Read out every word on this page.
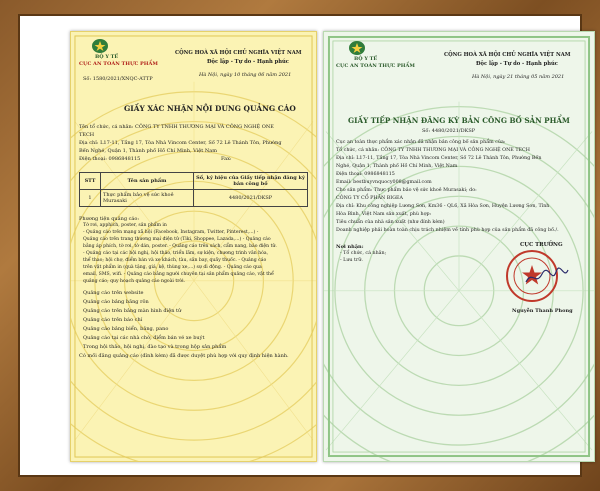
BỘ Y TẾ
CỤC AN TOÀN THỰC PHẨM
Số: 1580/2021/XNQC-ATTP
CỘNG HOÀ XÃ HỘI CHỦ NGHĨA VIỆT NAM
Độc lập - Tự do - Hạnh phúc
Hà Nội, ngày 10 tháng 06 năm 2021
GIẤY XÁC NHẬN NỘI DUNG QUẢNG CÁO
Tên tổ chức, cá nhân: CÔNG TY TNHH THƯƠNG MẠI VÀ CÔNG NGHỆ ONE
TECH
Địa chỉ: L17-11, Tầng 17, Tòa Nhà Vincom Center, Số 72 Lê Thánh Tôn, Phường
Bến Nghé, Quận 1, Thành phố Hồ Chí Minh, Việt Nam
Điện thoại: 0986848115	Fax:
STT	Tên sản phẩm	Số, ký hiệu của Giấy tiếp nhận đăng ký bản công bố
1	Thực phẩm bảo vệ sức khoẻ Murasaki	4480/2021/DKSP
Phương tiện quảng cáo:
Tờ rơi, apphich, poster, sản phẩm in
- Quảng cáo trên mạng xã hội (Facebook, Instagram, Twitter, Pinterest,...) -
Quảng cáo trên trang thương mại điện tử (Tiki, Shoppee, Lazada,...) - Quảng cáo
bằng áp phích, tờ rơi, tờ dán, poster. - Quảng cáo trên sách, cẩm nang, báo điện tử.
- Quảng cáo tại các hội nghị, hội thảo, triển lãm, sự kiện, chương trình văn hóa,
thể thao; hội chợ, điểm bán và xe khách, tàu, sân bay, quầy thuốc. - Quảng cáo
trên vật phẩm in (quà tặng, giá, kệ, thùng xe,...) sự di động. - Quảng cáo qua
email, SMS, wifi. - Quảng cáo bằng người chuyên tại sản phẩm quảng cáo, vật thể
quảng cáo; quy hoạch quảng cáo ngoài trời.
Quảng cáo trên website
Quảng cáo bảng băng rôn
Quảng cáo trên bảng màn hình điện tử
Quảng cáo trên báo chí
Quảng cáo bảng biển, bảng, pano
Quảng cáo tại các nhà chờ, điểm bán vé xe buýt
Trong hội thảo, hội nghị, đào tạo và trong hộp sản phẩm
Có mối đăng quảng cáo (đính kèm) đã được duyệt phù hợp với quy định hiện hành.
BỘ Y TẾ
CỤC AN TOÀN THỰC PHẨM
CỘNG HOÀ XÃ HỘI CHỦ NGHĨA VIỆT NAM
Độc lập - Tự do - Hạnh phúc
Hà Nội, ngày 21 tháng 05 năm 2021
GIẤY TIẾP NHẬN ĐĂNG KÝ BẢN CÔNG BỐ SẢN PHẨM
Số: 4480/2021/DKSP
Cục an toàn thực phẩm xác nhận đã nhận bản công bố sản phẩm của:
Tổ chức, cá nhân: CÔNG TY TNHH THƯƠNG MẠI VÀ CÔNG NGHỆ ONE TECH
Địa chỉ: L17-11, Tầng 17, Tòa Nhà Vincom Center, Số 72 Lê Thánh Tôn, Phường Bến
Nghé, Quận 1, Thành phố Hồ Chí Minh, Việt Nam
Điện thoại: 0986848115
Email: bestbuyvnquocy008@gmail.com
Cho sản phẩm: Thực phẩm bảo vệ sức khoẻ Murasaki; do:
CÔNG TY CỔ PHẦN BIGEA
Địa chỉ: Khu công nghiệp Lương Sơn, Km36 - QL6, Xã Hòa Sơn, Huyện Lương Sơn, Tỉnh
Hòa Bình, Việt Nam sản xuất, phù hợp:
Tiêu chuẩn của nhà sản xuất (như đính kèm)
Doanh nghiệp phải hoàn toàn chịu trách nhiệm về tính phù hợp của sản phẩm đã công bố./.
Nơi nhận:
- Tổ chức, cá nhân;
- Lưu trữ.
CỤC TRƯỞNG
Nguyễn Thanh Phong
